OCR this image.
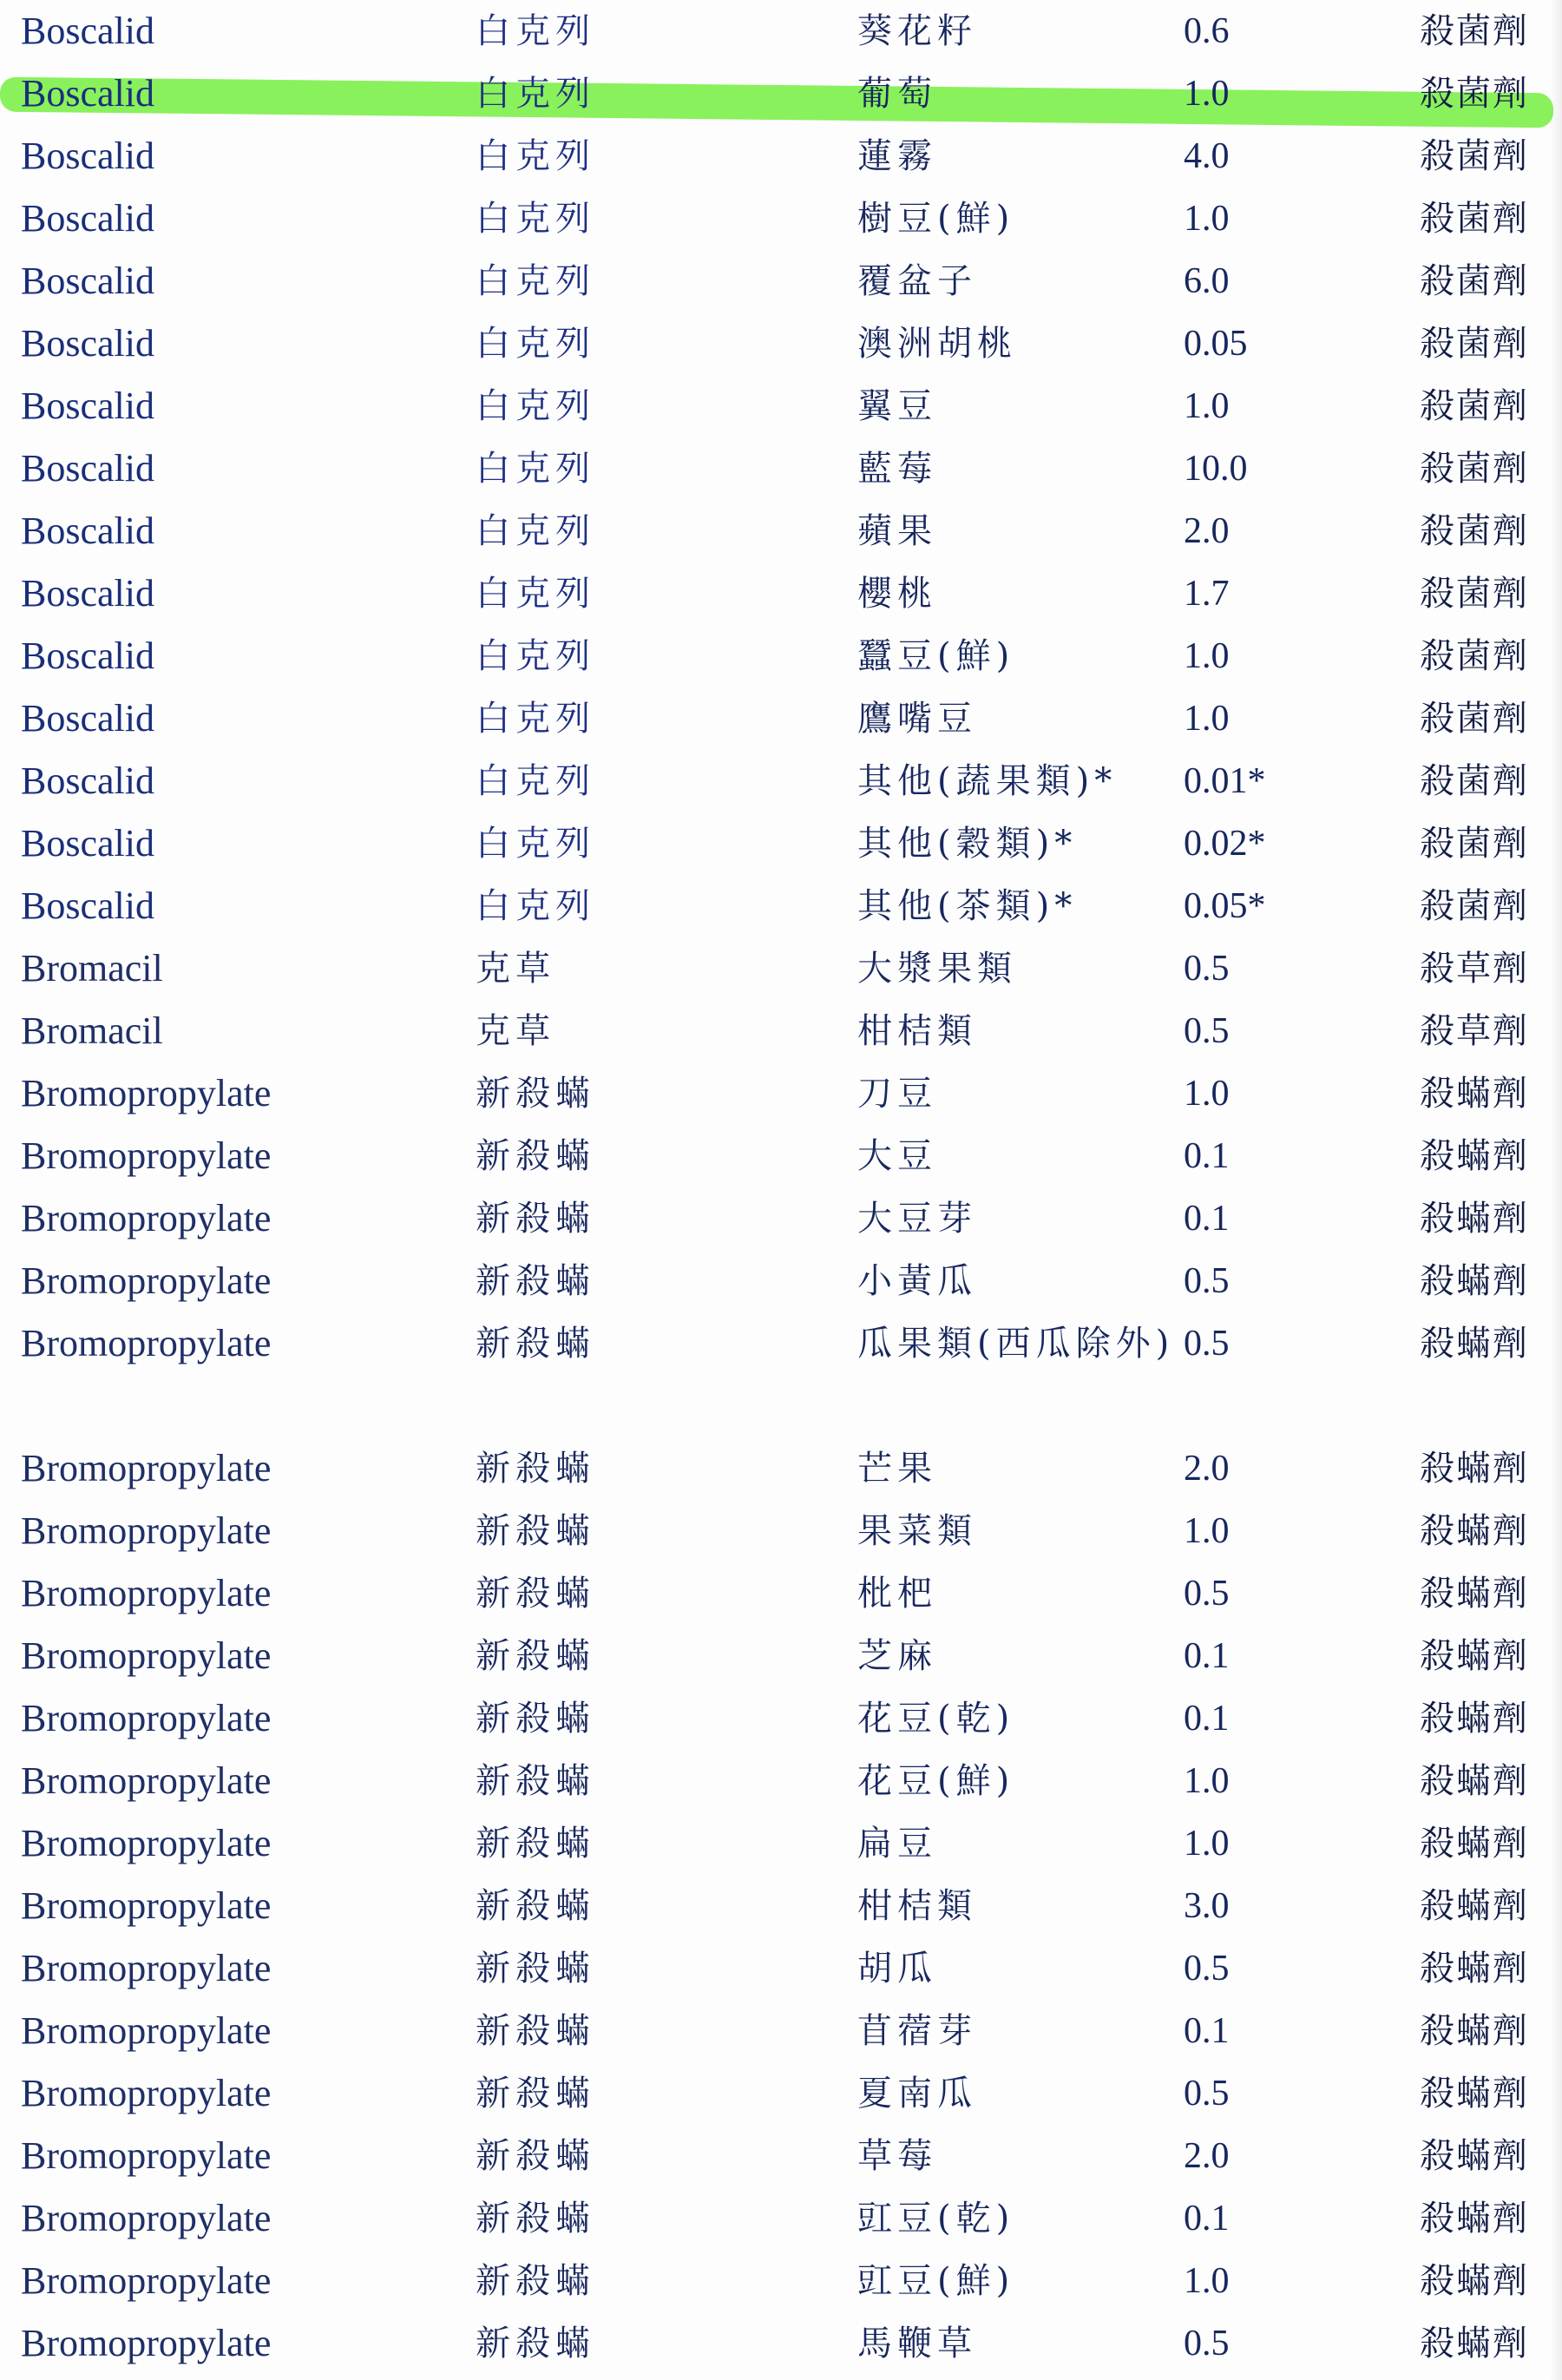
Boscalid	白克列	葵花籽	0.6	殺菌劑
Boscalid	白克列	葡萄	1.0	殺菌劑
Boscalid	白克列	蓮霧	4.0	殺菌劑
Boscalid	白克列	樹豆(鮮)	1.0	殺菌劑
Boscalid	白克列	覆盆子	6.0	殺菌劑
Boscalid	白克列	澳洲胡桃	0.05	殺菌劑
Boscalid	白克列	翼豆	1.0	殺菌劑
Boscalid	白克列	藍莓	10.0	殺菌劑
Boscalid	白克列	蘋果	2.0	殺菌劑
Boscalid	白克列	櫻桃	1.7	殺菌劑
Boscalid	白克列	蠶豆(鮮)	1.0	殺菌劑
Boscalid	白克列	鷹嘴豆	1.0	殺菌劑
Boscalid	白克列	其他(蔬果類)*	0.01*	殺菌劑
Boscalid	白克列	其他(穀類)*	0.02*	殺菌劑
Boscalid	白克列	其他(茶類)*	0.05*	殺菌劑
Bromacil	克草	大漿果類	0.5	殺草劑
Bromacil	克草	柑桔類	0.5	殺草劑
Bromopropylate	新殺蟎	刀豆	1.0	殺蟎劑
Bromopropylate	新殺蟎	大豆	0.1	殺蟎劑
Bromopropylate	新殺蟎	大豆芽	0.1	殺蟎劑
Bromopropylate	新殺蟎	小黃瓜	0.5	殺蟎劑
Bromopropylate	新殺蟎	瓜果類(西瓜除外) 0.5	殺蟎劑
Bromopropylate	新殺蟎	芒果	2.0	殺蟎劑
Bromopropylate	新殺蟎	果菜類	1.0	殺蟎劑
Bromopropylate	新殺蟎	枇杷	0.5	殺蟎劑
Bromopropylate	新殺蟎	芝麻	0.1	殺蟎劑
Bromopropylate	新殺蟎	花豆(乾)	0.1	殺蟎劑
Bromopropylate	新殺蟎	花豆(鮮)	1.0	殺蟎劑
Bromopropylate	新殺蟎	扁豆	1.0	殺蟎劑
Bromopropylate	新殺蟎	柑桔類	3.0	殺蟎劑
Bromopropylate	新殺蟎	胡瓜	0.5	殺蟎劑
Bromopropylate	新殺蟎	苜蓿芽	0.1	殺蟎劑
Bromopropylate	新殺蟎	夏南瓜	0.5	殺蟎劑
Bromopropylate	新殺蟎	草莓	2.0	殺蟎劑
Bromopropylate	新殺蟎	豇豆(乾)	0.1	殺蟎劑
Bromopropylate	新殺蟎	豇豆(鮮)	1.0	殺蟎劑
Bromopropylate	新殺蟎	馬鞭草	0.5	殺蟎劑
